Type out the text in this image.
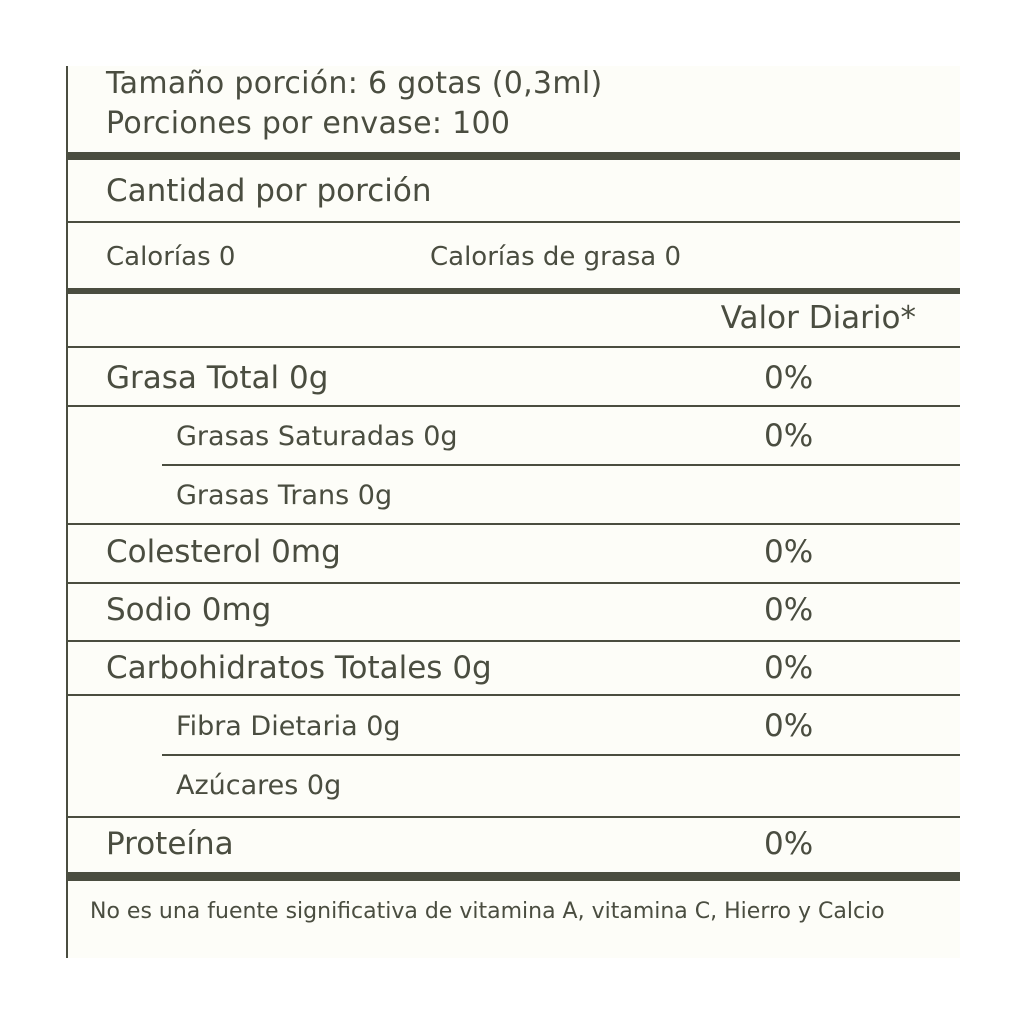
Tamaño porción: 6 gotas (0,3ml)
Porciones por envase: 100
Cantidad por porción
Calorías 0	Calorías de grasa 0
Valor Diario*
Grasa Total 0g	0%
Grasas Saturadas 0g	0%
Grasas Trans 0g
Colesterol 0mg	0%
Sodio 0mg	0%
Carbohidratos Totales 0g	0%
Fibra Dietaria 0g	0%
Azúcares 0g
Proteína	0%
No es una fuente significativa de vitamina A, vitamina C, Hierro y Calcio
